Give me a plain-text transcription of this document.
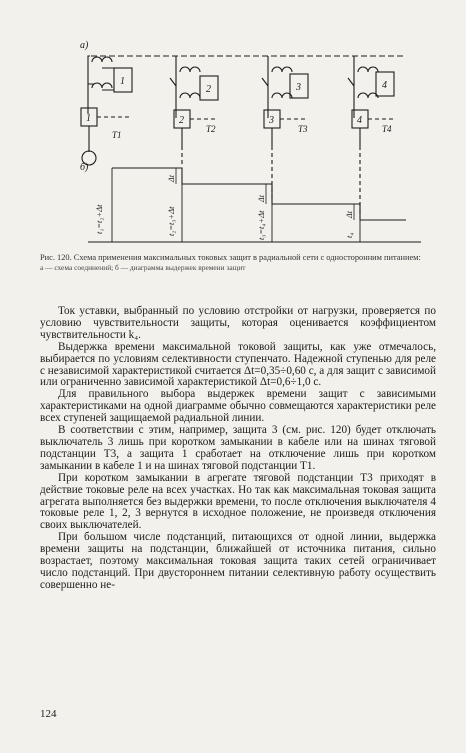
а)
1
1
Т1
2
2
Т2
3
3
Т3
4
4
Т4
б)
t₁=t₂+Δt	t₂=t₃+Δt	t₃=t₄+Δt	t₄
Δt
Δt
Δt
Рис. 120. Схема применения максимальных токовых защит в радиальной сети с односторонним питанием:
а — схема соединений; б — диаграмма выдержек времени защит

Ток уставки, выбранный по условию отстройки от нагрузки, проверяется по условию чувствительности защиты, которая оценивается коэффициентом чувствительности k₄.

Выдержка времени максимальной токовой защиты, как уже отмечалось, выбирается по условиям селективности ступенчато. Надежной ступенью для реле с независимой характеристикой считается Δt=0,35÷0,60 с, а для защит с зависимой или ограниченно зависимой характеристикой Δt=0,6÷1,0 с.

Для правильного выбора выдержек времени защит с зависимыми характеристиками на одной диаграмме обычно совмещаются характеристики реле всех ступеней защищаемой радиальной линии.

В соответствии с этим, например, защита 3 (см. рис. 120) будет отключать выключатель 3 лишь при коротком замыкании в кабеле или на шинах тяговой подстанции Т3, а защита 1 сработает на отключение лишь при коротком замыкании в кабеле 1 и на шинах тяговой подстанции Т1.

При коротком замыкании в агрегате тяговой подстанции Т3 приходят в действие токовые реле на всех участках. Но так как максимальная токовая защита агрегата выполняется без выдержки времени, то после отключения выключателя 4 токовые реле 1, 2, 3 вернутся в исходное положение, не произведя отключения своих выключателей.

При большом числе подстанций, питающихся от одной линии, выдержка времени защиты на подстанции, ближайшей от источника питания, сильно возрастает, поэтому максимальная токовая защита таких сетей ограничивает число подстанций. При двустороннем питании селективную работу осуществить совершенно не-

124
